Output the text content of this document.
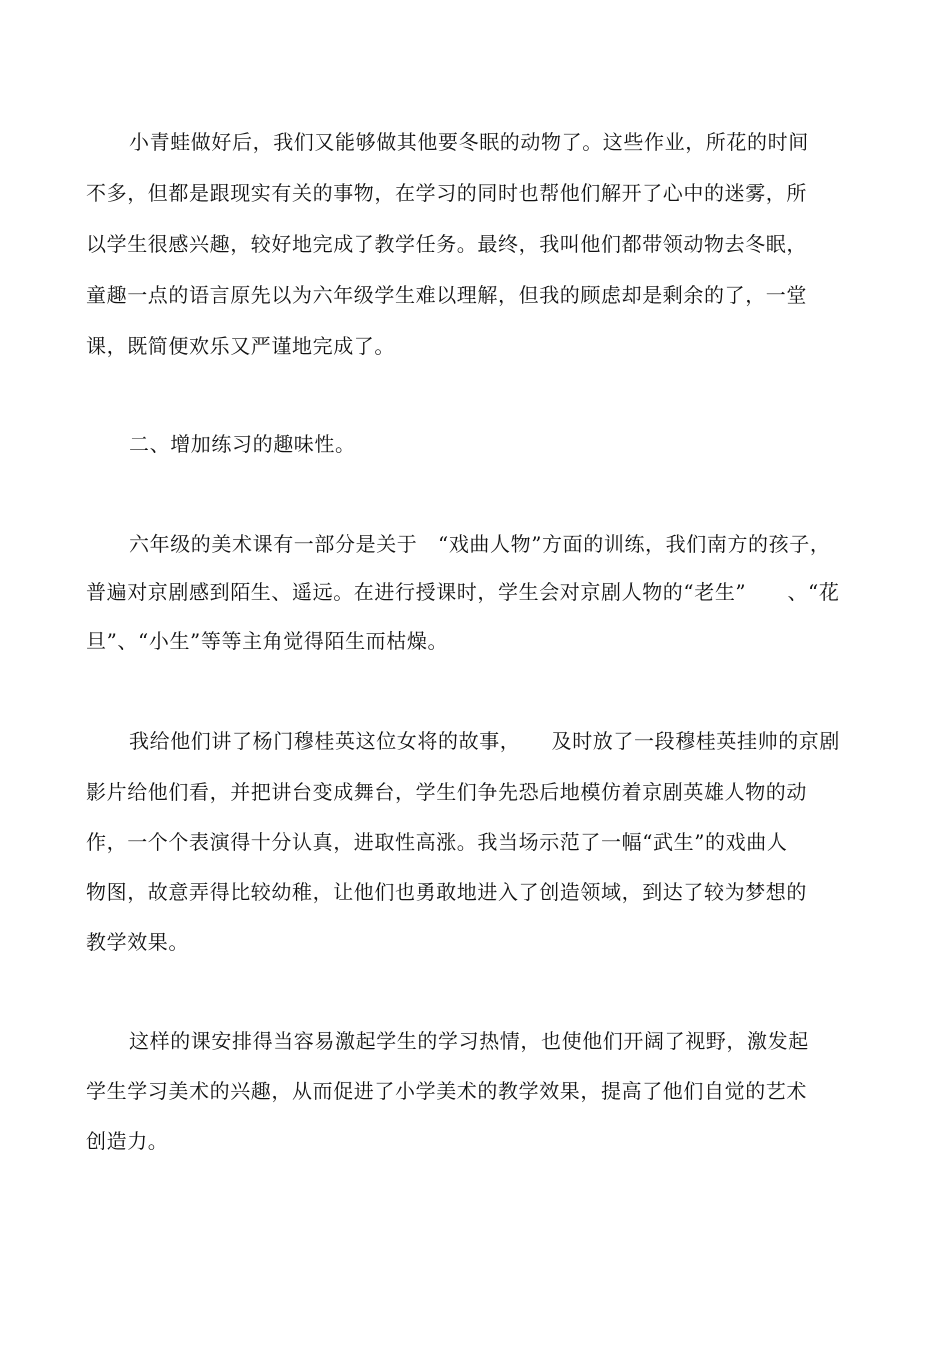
小青蛙做好后，我们又能够做其他要冬眠的动物了。这些作业，所花的时间
不多，但都是跟现实有关的事物，在学习的同时也帮他们解开了心中的迷雾，所
以学生很感兴趣，较好地完成了教学任务。最终，我叫他们都带领动物去冬眠，
童趣一点的语言原先以为六年级学生难以理解，但我的顾虑却是剩余的了，一堂
课，既简便欢乐又严谨地完成了。
二、增加练习的趣味性。
六年级的美术课有一部分是关于　“戏曲人物”方面的训练，我们南方的孩子，
普遍对京剧感到陌生、遥远。在进行授课时，学生会对京剧人物的“老生”　　、“花
旦”、“小生”等等主角觉得陌生而枯燥。
我给他们讲了杨门穆桂英这位女将的故事，　　及时放了一段穆桂英挂帅的京剧
影片给他们看，并把讲台变成舞台，学生们争先恐后地模仿着京剧英雄人物的动
作，一个个表演得十分认真，进取性高涨。我当场示范了一幅“武生”的戏曲人
物图，故意弄得比较幼稚，让他们也勇敢地进入了创造领域，到达了较为梦想的
教学效果。
这样的课安排得当容易激起学生的学习热情，也使他们开阔了视野，激发起
学生学习美术的兴趣，从而促进了小学美术的教学效果，提高了他们自觉的艺术
创造力。
